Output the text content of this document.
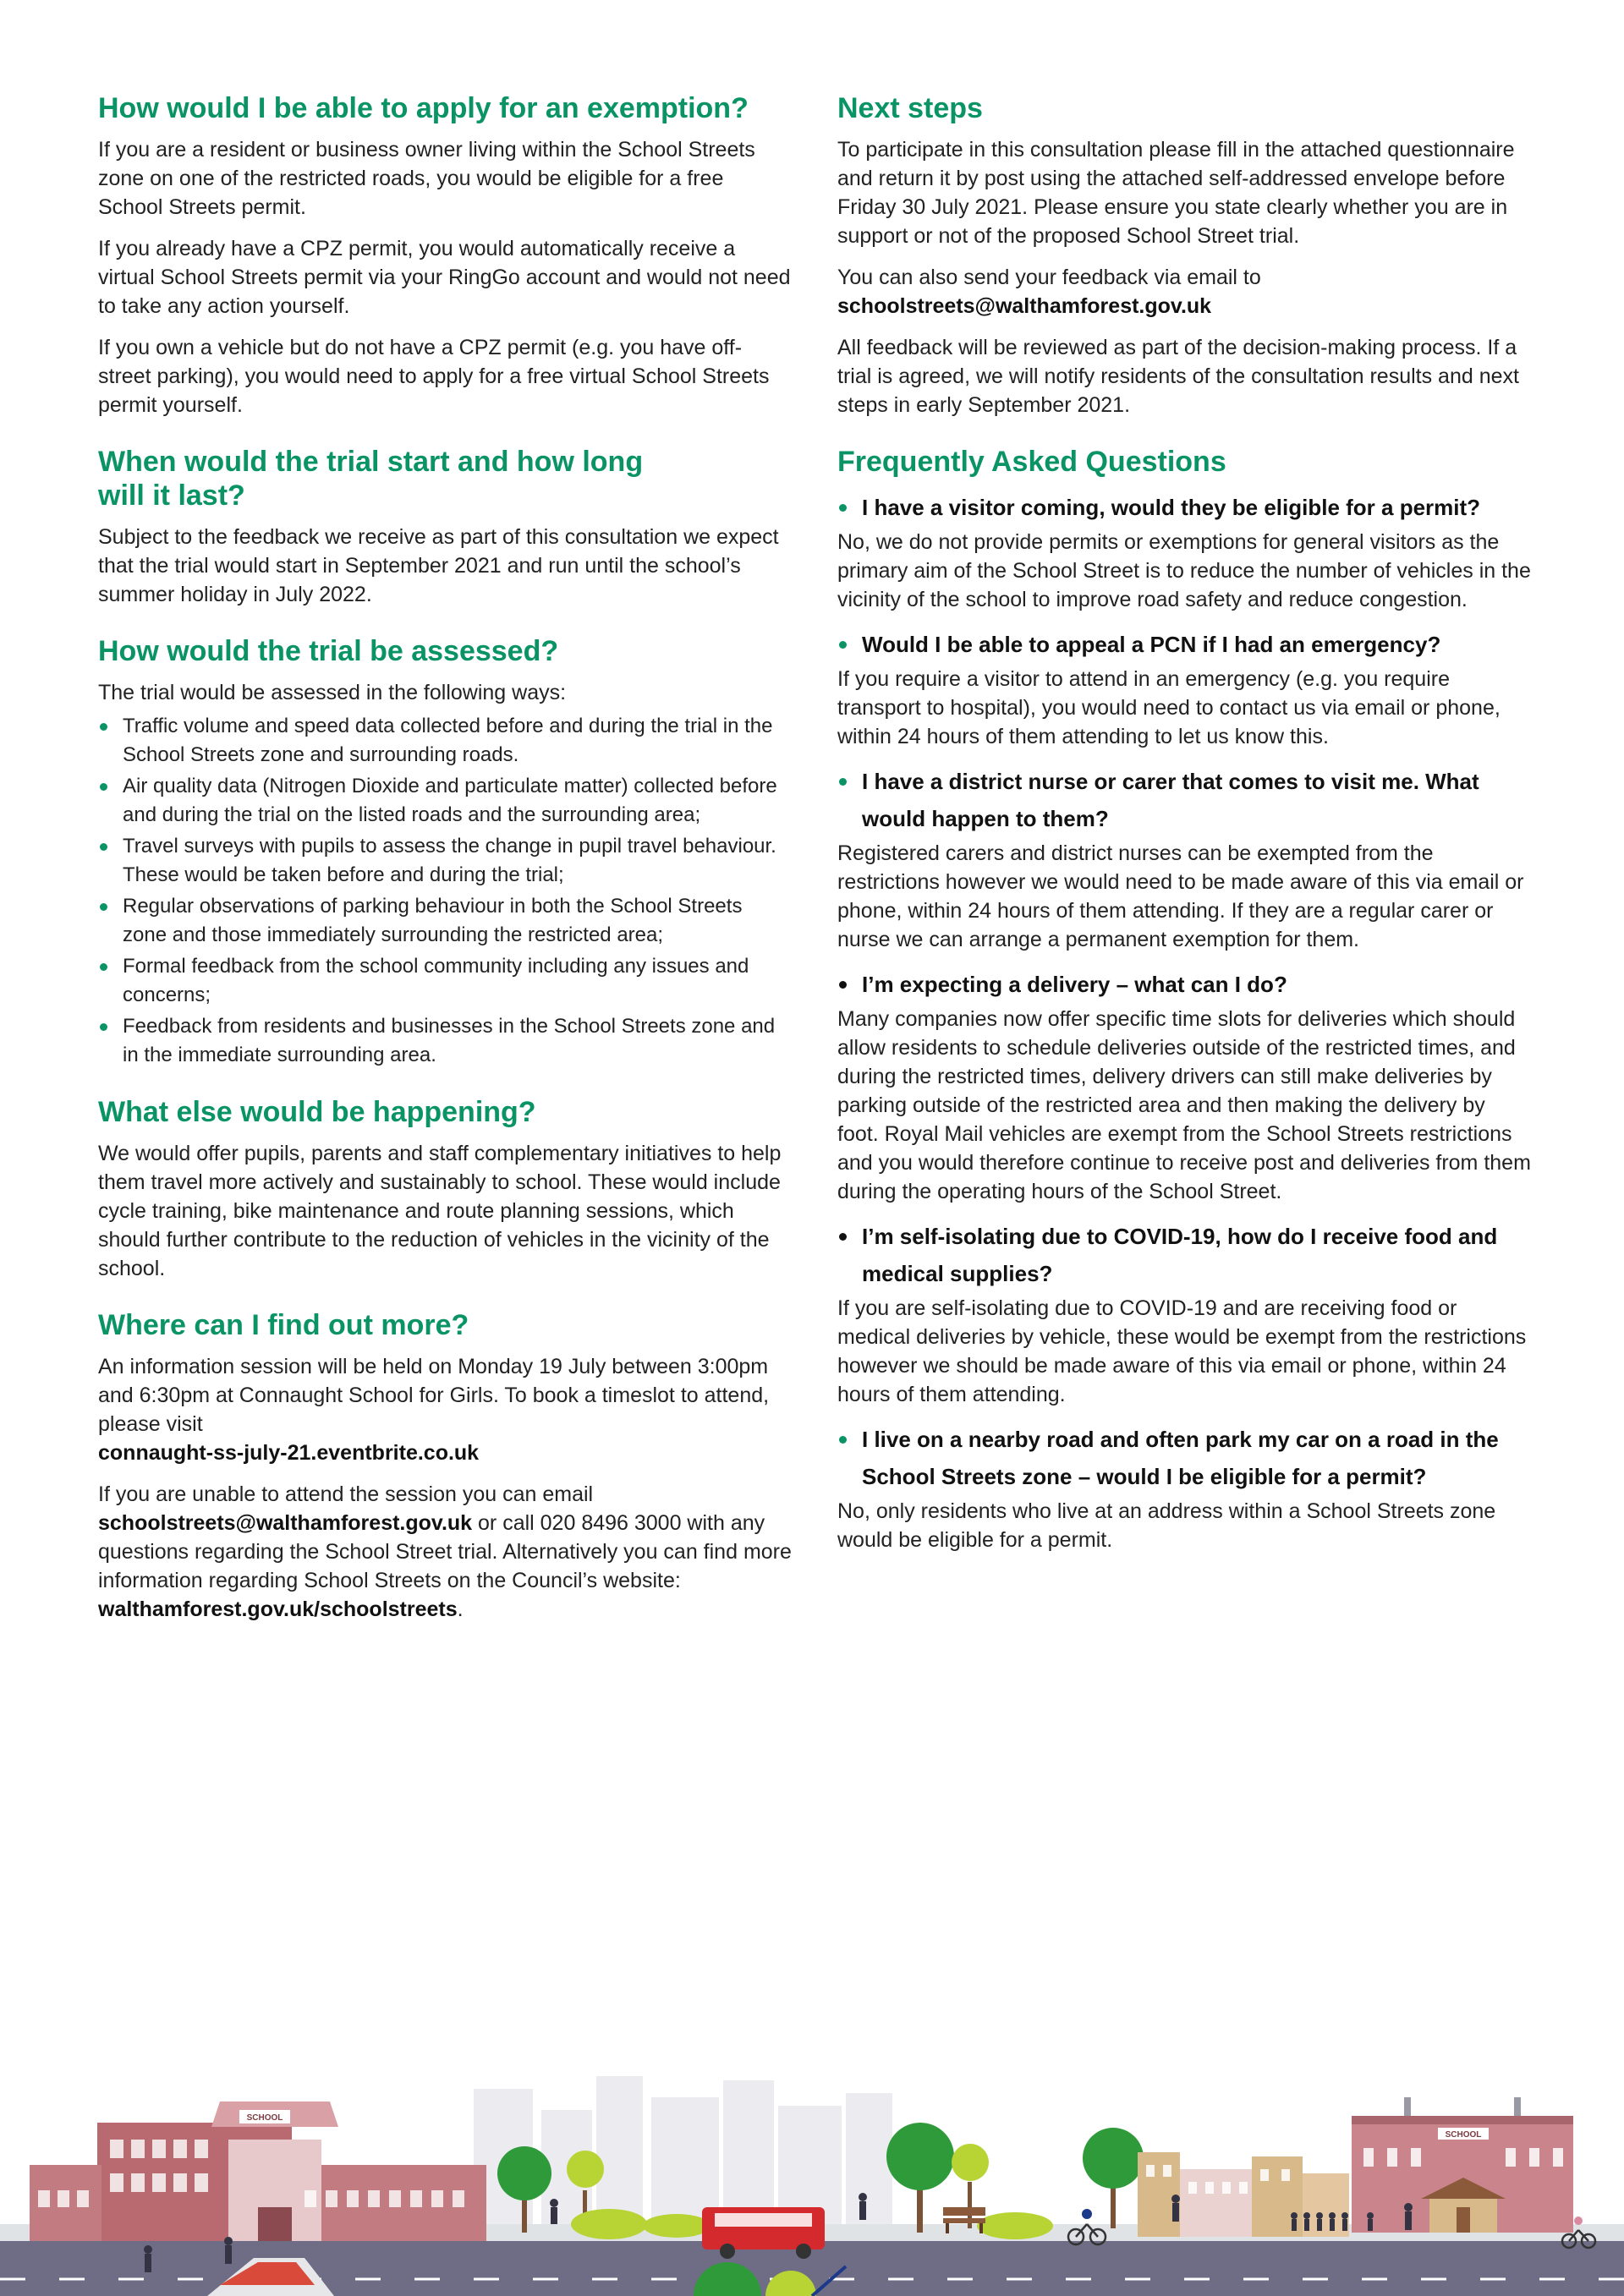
How would I be able to apply for an exemption?

If you are a resident or business owner living within the School Streets zone on one of the restricted roads, you would be eligible for a free School Streets permit.

If you already have a CPZ permit, you would automatically receive a virtual School Streets permit via your RingGo account and would not need to take any action yourself.

If you own a vehicle but do not have a CPZ permit (e.g. you have off-street parking), you would need to apply for a free virtual School Streets permit yourself.

When would the trial start and how long
will it last?

Subject to the feedback we receive as part of this consultation we expect that the trial would start in September 2021 and run until the school’s summer holiday in July 2022.

How would the trial be assessed?

The trial would be assessed in the following ways:

Traffic volume and speed data collected before and during the trial in the School Streets zone and surrounding roads.
Air quality data (Nitrogen Dioxide and particulate matter) collected before and during the trial on the listed roads and the surrounding area;
Travel surveys with pupils to assess the change in pupil travel behaviour. These would be taken before and during the trial;
Regular observations of parking behaviour in both the School Streets zone and those immediately surrounding the restricted area;
Formal feedback from the school community including any issues and concerns;
Feedback from residents and businesses in the School Streets zone and in the immediate surrounding area.
What else would be happening?

We would offer pupils, parents and staff complementary initiatives to help them travel more actively and sustainably to school. These would include cycle training, bike maintenance and route planning sessions, which should further contribute to the reduction of vehicles in the vicinity of the school.

Where can I find out more?

An information session will be held on Monday 19 July between 3:00pm and 6:30pm at Connaught School for Girls. To book a timeslot to attend, please visit
connaught-ss-july-21.eventbrite.co.uk

If you are unable to attend the session you can email
schoolstreets@walthamforest.gov.uk or call 020 8496 3000 with any questions regarding the School Street trial. Alternatively you can find more information regarding School Streets on the Council’s website: walthamforest.gov.uk/schoolstreets.

Next steps

To participate in this consultation please fill in the attached questionnaire and return it by post using the attached self-addressed envelope before Friday 30 July 2021. Please ensure you state clearly whether you are in support or not of the proposed School Street trial.

You can also send your feedback via email to
schoolstreets@walthamforest.gov.uk

All feedback will be reviewed as part of the decision-making process. If a trial is agreed, we will notify residents of the consultation results and next steps in early September 2021.

Frequently Asked Questions
I have a visitor coming, would they be eligible for a permit?

No, we do not provide permits or exemptions for general visitors as the primary aim of the School Street is to reduce the number of vehicles in the vicinity of the school to improve road safety and reduce congestion.

Would I be able to appeal a PCN if I had an emergency?

If you require a visitor to attend in an emergency (e.g. you require transport to hospital), you would need to contact us via email or phone, within 24 hours of them attending to let us know this.

I have a district nurse or carer that comes to visit me. What would happen to them?

Registered carers and district nurses can be exempted from the restrictions however we would need to be made aware of this via email or phone, within 24 hours of them attending. If they are a regular carer or nurse we can arrange a permanent exemption for them.

I’m expecting a delivery – what can I do?

Many companies now offer specific time slots for deliveries which should allow residents to schedule deliveries outside of the restricted times, and during the restricted times, delivery drivers can still make deliveries by parking outside of the restricted area and then making the delivery by foot. Royal Mail vehicles are exempt from the School Streets restrictions and you would therefore continue to receive post and deliveries from them during the operating hours of the School Street.

I’m self-isolating due to COVID-19, how do I receive food and medical supplies?

If you are self-isolating due to COVID-19 and are receiving food or medical deliveries by vehicle, these would be exempt from the restrictions however we should be made aware of this via email or phone, within 24 hours of them attending.

I live on a nearby road and often park my car on a road in the School Streets zone – would I be eligible for a permit?

No, only residents who live at an address within a School Streets zone would be eligible for a permit.

SCHOOL
SCHOOL
